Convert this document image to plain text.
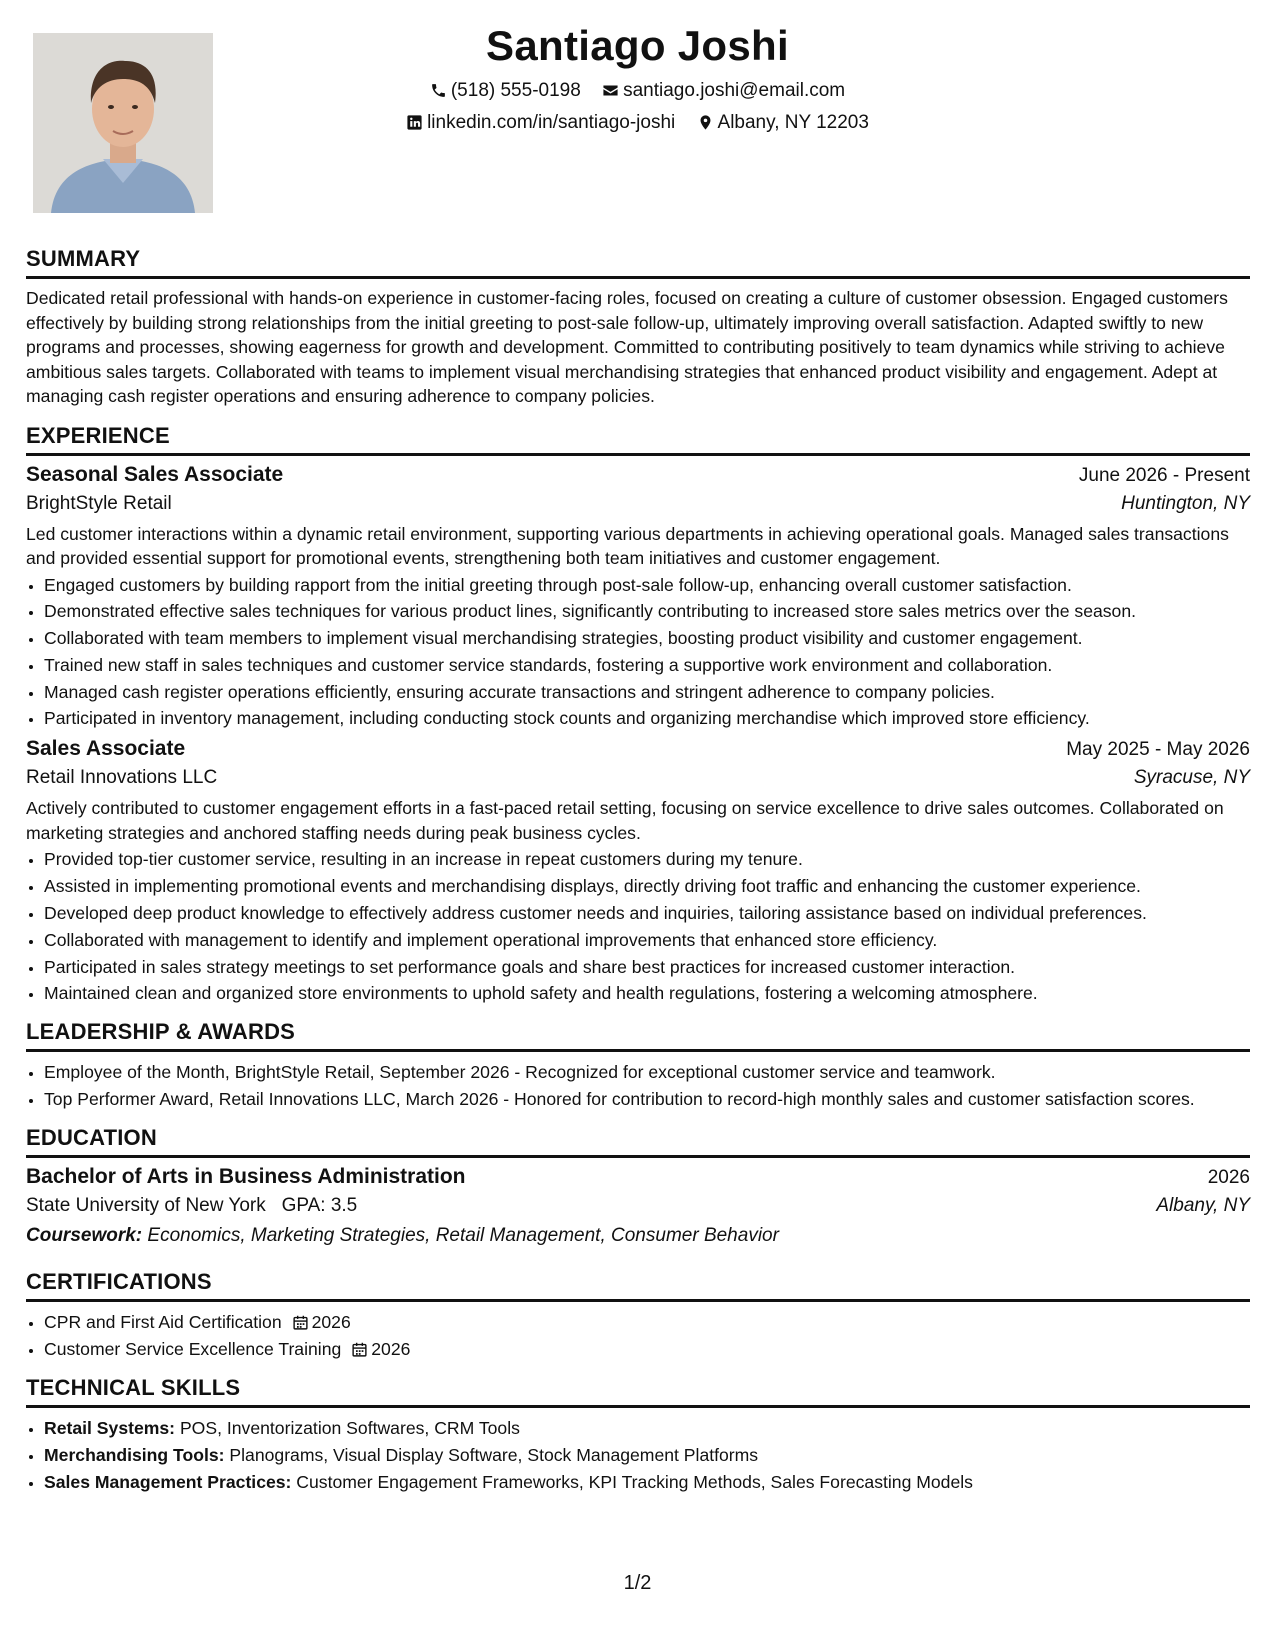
Santiago Joshi
(518) 555-0198 santiago.joshi@email.com
linkedin.com/in/santiago-joshi Albany, NY 12203
SUMMARY

Dedicated retail professional with hands-on experience in customer-facing roles, focused on creating a culture of customer obsession. Engaged customers effectively by building strong relationships from the initial greeting to post-sale follow-up, ultimately improving overall satisfaction. Adapted swiftly to new programs and processes, showing eagerness for growth and development. Committed to contributing positively to team dynamics while striving to achieve ambitious sales targets. Collaborated with teams to implement visual merchandising strategies that enhanced product visibility and engagement. Adept at managing cash register operations and ensuring adherence to company policies.

EXPERIENCE
Seasonal Sales Associate	June 2026 - Present
BrightStyle Retail	Huntington, NY

Led customer interactions within a dynamic retail environment, supporting various departments in achieving operational goals. Managed sales transactions and provided essential support for promotional events, strengthening both team initiatives and customer engagement.

• Engaged customers by building rapport from the initial greeting through post-sale follow-up, enhancing overall customer satisfaction.
• Demonstrated effective sales techniques for various product lines, significantly contributing to increased store sales metrics over the season.
• Collaborated with team members to implement visual merchandising strategies, boosting product visibility and customer engagement.
• Trained new staff in sales techniques and customer service standards, fostering a supportive work environment and collaboration.
• Managed cash register operations efficiently, ensuring accurate transactions and stringent adherence to company policies.
• Participated in inventory management, including conducting stock counts and organizing merchandise which improved store efficiency.
Sales Associate	May 2025 - May 2026
Retail Innovations LLC	Syracuse, NY

Actively contributed to customer engagement efforts in a fast-paced retail setting, focusing on service excellence to drive sales outcomes. Collaborated on marketing strategies and anchored staffing needs during peak business cycles.

• Provided top-tier customer service, resulting in an increase in repeat customers during my tenure.
• Assisted in implementing promotional events and merchandising displays, directly driving foot traffic and enhancing the customer experience.
• Developed deep product knowledge to effectively address customer needs and inquiries, tailoring assistance based on individual preferences.
• Collaborated with management to identify and implement operational improvements that enhanced store efficiency.
• Participated in sales strategy meetings to set performance goals and share best practices for increased customer interaction.
• Maintained clean and organized store environments to uphold safety and health regulations, fostering a welcoming atmosphere.
LEADERSHIP & AWARDS
• Employee of the Month, BrightStyle Retail, September 2026 - Recognized for exceptional customer service and teamwork.
• Top Performer Award, Retail Innovations LLC, March 2026 - Honored for contribution to record-high monthly sales and customer satisfaction scores.
EDUCATION
Bachelor of Arts in Business Administration	2026
State University of New York GPA: 3.5	Albany, NY
Coursework: Economics, Marketing Strategies, Retail Management, Consumer Behavior
CERTIFICATIONS
• CPR and First Aid Certification 2026
• Customer Service Excellence Training 2026
TECHNICAL SKILLS
• Retail Systems: POS, Inventorization Softwares, CRM Tools
• Merchandising Tools: Planograms, Visual Display Software, Stock Management Platforms
• Sales Management Practices: Customer Engagement Frameworks, KPI Tracking Methods, Sales Forecasting Models
1/2
